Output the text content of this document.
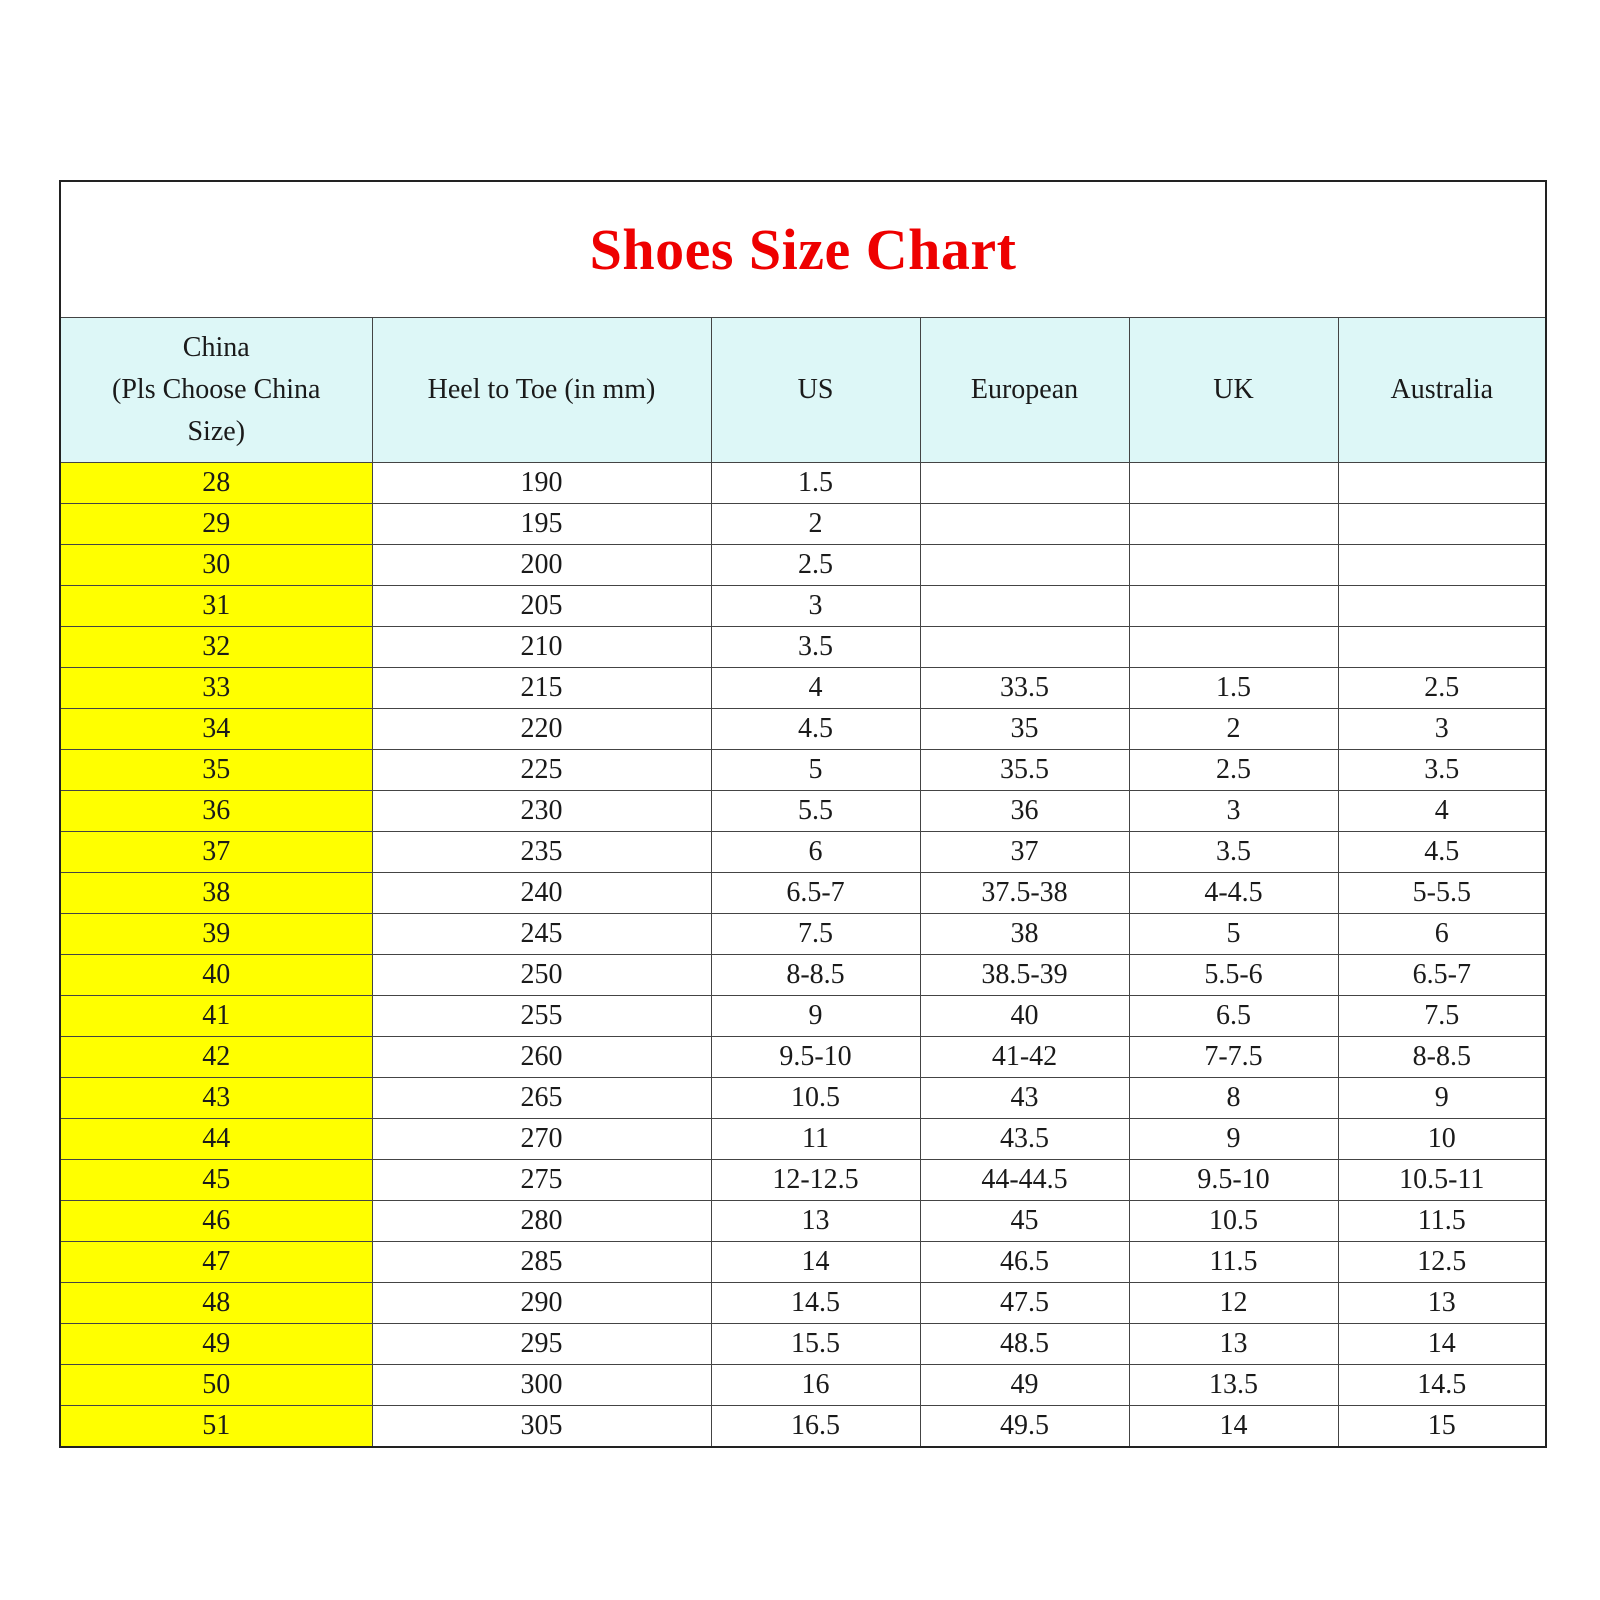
Shoes Size Chart					

China
(Pls Choose China
Size)	Heel to Toe (in mm)	US	European	UK	Australia
28	190	1.5			
29	195	2			
30	200	2.5			
31	205	3			
32	210	3.5			
33	215	4	33.5	1.5	2.5
34	220	4.5	35	2	3
35	225	5	35.5	2.5	3.5
36	230	5.5	36	3	4
37	235	6	37	3.5	4.5
38	240	6.5-7	37.5-38	4-4.5	5-5.5
39	245	7.5	38	5	6
40	250	8-8.5	38.5-39	5.5-6	6.5-7
41	255	9	40	6.5	7.5
42	260	9.5-10	41-42	7-7.5	8-8.5
43	265	10.5	43	8	9
44	270	11	43.5	9	10
45	275	12-12.5	44-44.5	9.5-10	10.5-11
46	280	13	45	10.5	11.5
47	285	14	46.5	11.5	12.5
48	290	14.5	47.5	12	13
49	295	15.5	48.5	13	14
50	300	16	49	13.5	14.5
51	305	16.5	49.5	14	15
